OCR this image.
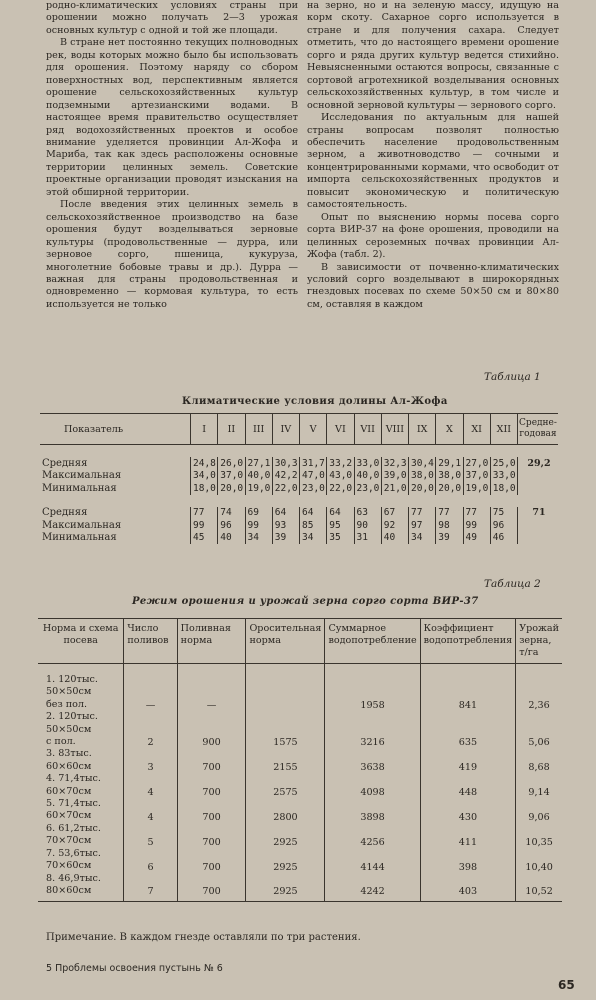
родно-климатических условиях страны при орошении можно получать 2—3 урожая основных культур с одной и той же площади.

В стране нет постоянно текущих полноводных рек, воды которых можно было бы использовать для орошения. Поэтому наряду со сбором поверхностных вод, перспективным является орошение сельскохозяйственных культур подземными артезианскими водами. В настоящее время правительство осуществляет ряд водохозяйственных проектов и особое внимание уделяется провинции Ал-Жофа и Мариба, так как здесь расположены основные территории целинных земель. Советские проектные организации проводят изыскания на этой обширной территории.

После введения этих целинных земель в сельскохозяйственное производство на базе орошения будут возделываться зерновые культуры (продовольственные — дурра, или зерновое сорго, пшеница, кукуруза, многолетние бобовые травы и др.). Дурра — важная для страны продовольственная и одновременно — кормовая культура, то есть используется не только

на зерно, но и на зеленую массу, идущую на корм скоту. Сахарное сорго используется в стране и для получения сахара. Следует отметить, что до настоящего времени орошение сорго и ряда других культур ведется стихийно. Невыясненными остаются вопросы, связанные с сортовой агротехникой возделывания основных сельскохозяйственных культур, в том числе и основной зерновой культуры — зернового сорго.

Исследования по актуальным для нашей страны вопросам позволят полностью обеспечить население продовольственным зерном, а животноводство — сочными и концентрированными кормами, что освободит от импорта сельскохозяйственных продуктов и повысит экономическую и политическую самостоятельность.

Опыт по выяснению нормы посева сорго сорта ВИР-37 на фоне орошения, проводили на целинных сероземных почвах провинции Ал-Жофа (табл. 2).

В зависимости от почвенно-климатических условий сорго возделывают в широкорядных гнездовых посевах по схеме 50×50 см и 80×80 см, оставляя в каждом

Таблица 1
Климатические условия долины Ал-Жофа
Показатель	I	II	III	IV	V	VI	VII	VIII	IX	X	XI	XII	Средне-годовая

Средняя	24,8	26,0	27,1	30,3	31,7	33,2	33,0	32,3	30,4	29,1	27,0	25,0	29,2
Максимальная	34,0	37,0	40,0	42,2	47,0	43,0	40,0	39,0	38,0	38,0	37,0	33,0	
Минимальная	18,0	20,0	19,0	22,0	23,0	22,0	23,0	21,0	20,0	20,0	19,0	18,0	

Средняя	77	74	69	64	64	64	63	67	77	77	77	75	71
Максимальная	99	96	99	93	85	95	90	92	97	98	99	96	
Минимальная	45	40	34	39	34	35	31	40	34	39	49	46	
Таблица 2
Режим орошения и урожай зерна сорго сорта ВИР-37
Норма и схема посева	Число поливов	Поливная норма	Оросительная норма	Суммарное водопотребление	Коэффициент водопотребления	Урожай зерна, т/га

1. 120тыс.
50×50см
без пол.	—	—		1958	841	2,36

2. 120тыс.
50×50см
с пол.	2	900	1575	3216	635	5,06

3. 83тыс.
60×60см	3	700	2155	3638	419	8,68

4. 71,4тыс.
60×70см	4	700	2575	4098	448	9,14

5. 71,4тыс.
60×70см	4	700	2800	3898	430	9,06

6. 61,2тыс.
70×70см	5	700	2925	4256	411	10,35

7. 53,6тыс.
70×60см	6	700	2925	4144	398	10,40

8. 46,9тыс.
80×60см	7	700	2925	4242	403	10,52
Примечание. В каждом гнезде оставляли по три растения.
5 Проблемы освоения пустынь № 6
65
